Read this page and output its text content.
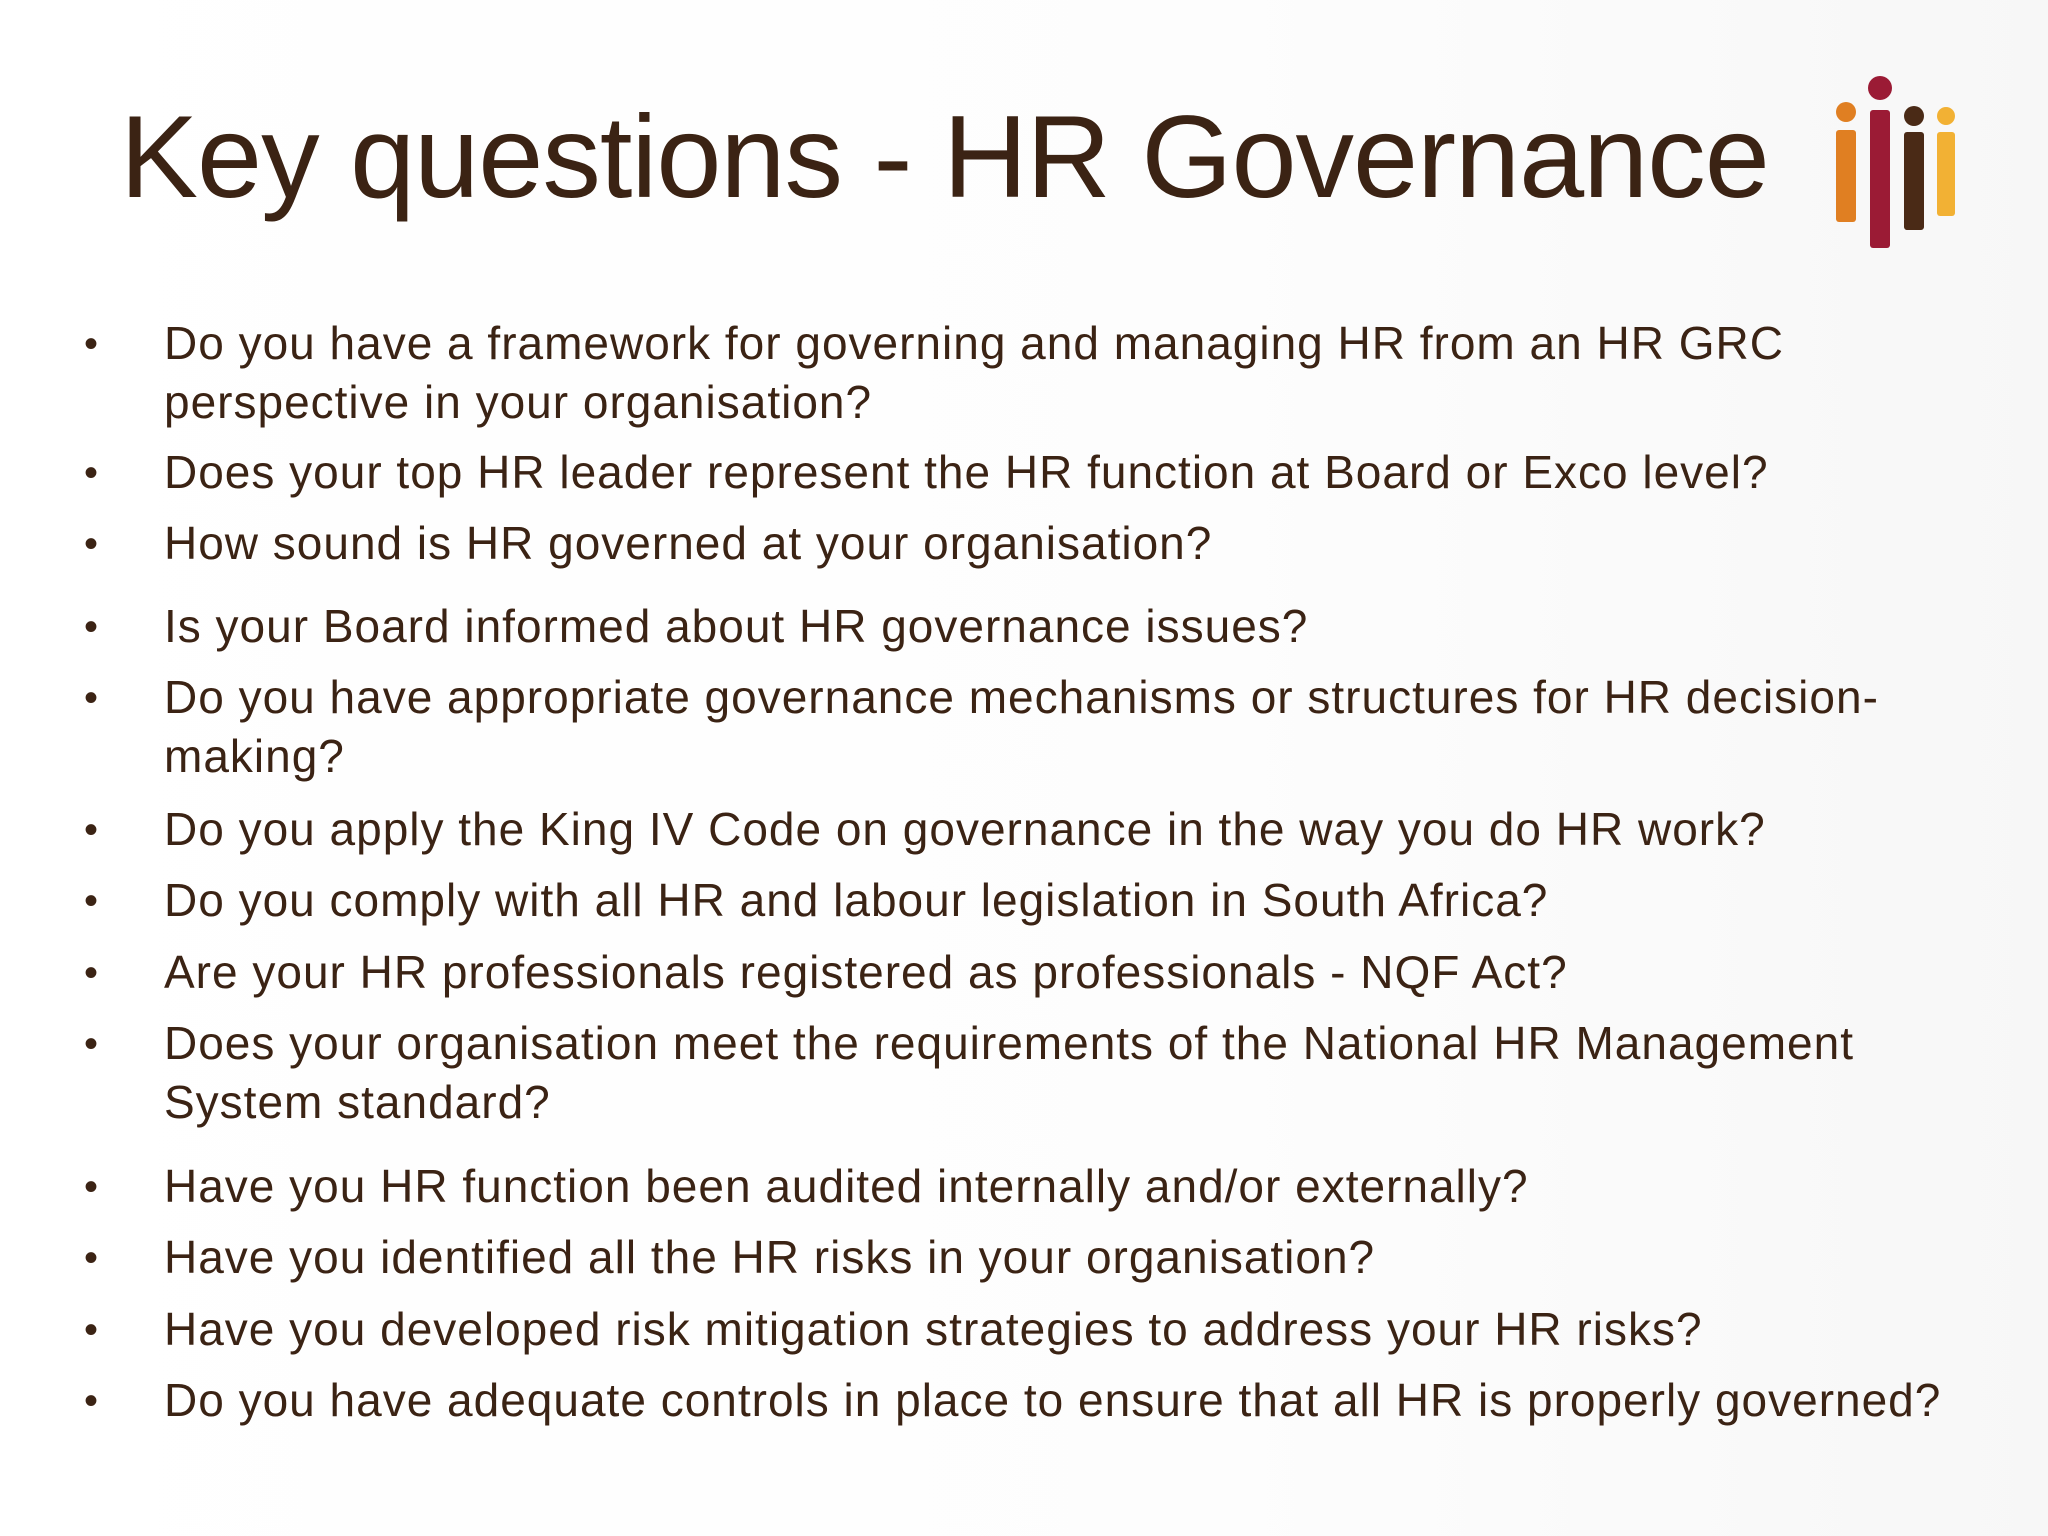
Key questions - HR Governance
• Do you have a framework for governing and managing HR from an HR GRC perspective in your organisation?
• Does your top HR leader represent the HR function at Board or Exco level?
• How sound is HR governed at your organisation?
• Is your Board informed about HR governance issues?
• Do you have appropriate governance mechanisms or structures for HR decision-making?
• Do you apply the King IV Code on governance in the way you do HR work?
• Do you comply with all HR and labour legislation in South Africa?
• Are your HR professionals registered as professionals - NQF Act?
• Does your organisation meet the requirements of the National HR Management System standard?
• Have you HR function been audited internally and/or externally?
• Have you identified all the HR risks in your organisation?
• Have you developed risk mitigation strategies to address your HR risks?
• Do you have adequate controls in place to ensure that all HR is properly governed?
